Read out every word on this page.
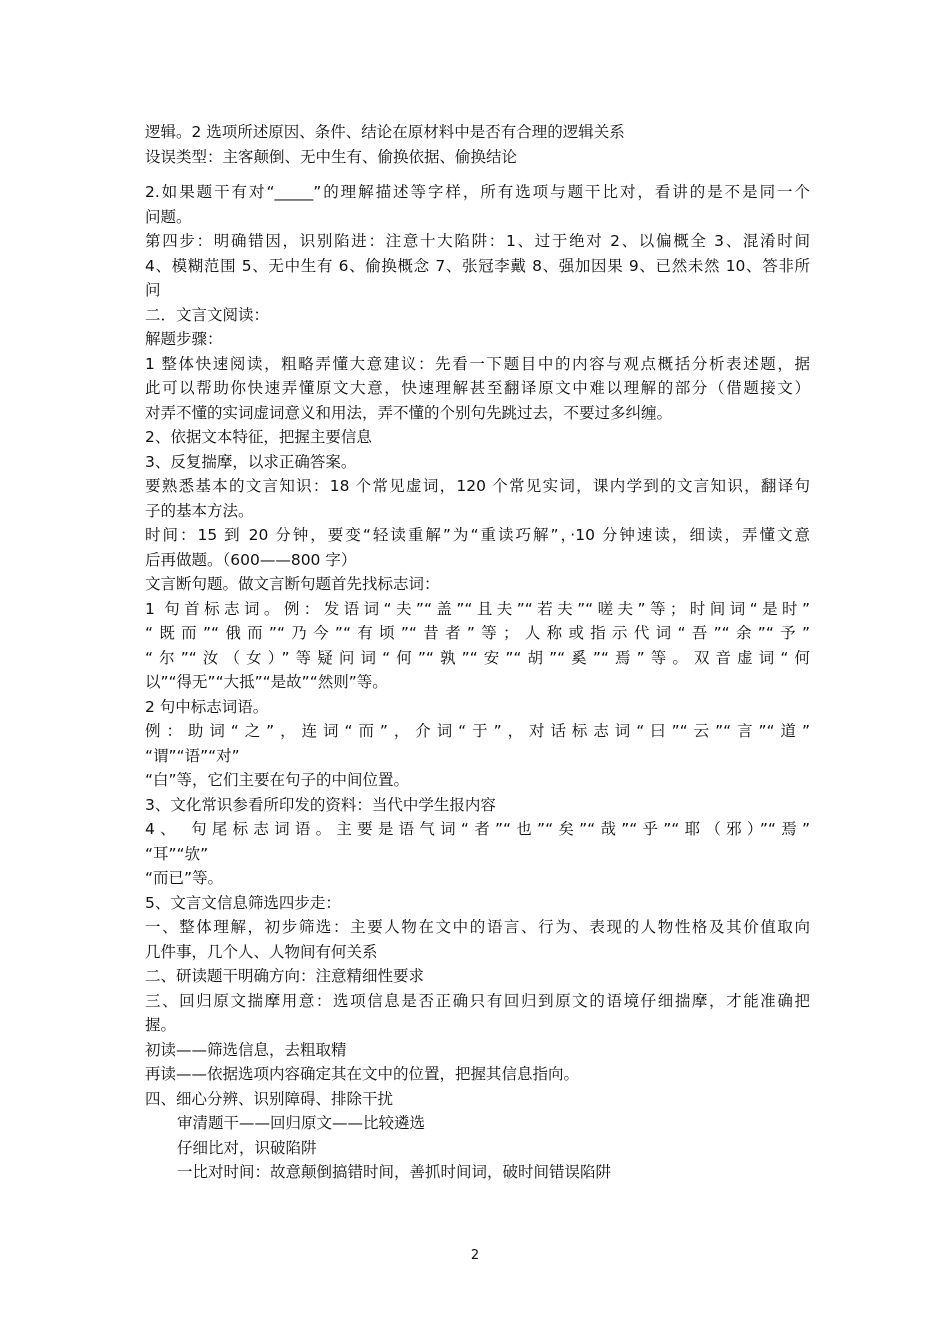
逻辑。2 选项所述原因、条件、结论在原材料中是否有合理的逻辑关系
设误类型：主客颠倒、无中生有、偷换依据、偷换结论
2.如果题干有对“_____”的理解描述等字样，所有选项与题干比对，看讲的是不是同一个
问题。
第四步：明确错因，识别陷进：注意十大陷阱：1、过于绝对 2、以偏概全 3、混淆时间
4、模糊范围 5、无中生有 6、偷换概念 7、张冠李戴 8、强加因果 9、已然未然 10、答非所
问
二．文言文阅读：
解题步骤：
1 整体快速阅读，粗略弄懂大意建议：先看一下题目中的内容与观点概括分析表述题，据
此可以帮助你快速弄懂原文大意，快速理解甚至翻译原文中难以理解的部分（借题接文）
对弄不懂的实词虚词意义和用法，弄不懂的个别句先跳过去，不要过多纠缠。
2、依据文本特征，把握主要信息
3、反复揣摩，以求正确答案。
要熟悉基本的文言知识：18 个常见虚词，120 个常见实词，课内学到的文言知识，翻译句
子的基本方法。
时间：15 到 20 分钟，要变“轻读重解”为“重读巧解”，·10 分钟速读，细读，弄懂文意
后再做题。（600——800 字）
文言断句题。做文言断句题首先找标志词：
1 句首标志词。例：发语词“夫”“盖”“且夫”“若夫”“嗟夫”等；时间词“是时”
“既而”“俄而”“乃今”“有顷”“昔者”等；人称或指示代词“吾”“余”“予”
“尔”“汝（女）”等疑问词“何”“孰”“安”“胡”“奚”“焉”等。双音虚词“何
以”“得无”“大抵”“是故”“然则”等。
2 句中标志词语。
例：助词“之”，连词“而”，介词“于”，对话标志词“曰”“云”“言”“道”
“谓”“语”“对”
“白”等，它们主要在句子的中间位置。
3、文化常识参看所印发的资料：当代中学生报内容
4、 句尾标志词语。主要是语气词“者”“也”“矣”“哉”“乎”“耶（邪）”“焉”
“耳”“欤”
“而已”等。
5、文言文信息筛选四步走：
一、整体理解，初步筛选：主要人物在文中的语言、行为、表现的人物性格及其价值取向
几件事，几个人、人物间有何关系
二、研读题干明确方向：注意精细性要求
三、回归原文揣摩用意：选项信息是否正确只有回归到原文的语境仔细揣摩，才能准确把
握。
初读——筛选信息，去粗取精
再读——依据选项内容确定其在文中的位置，把握其信息指向。
四、细心分辨、识别障碍、排除干扰
审清题干——回归原文——比较遴选
仔细比对，识破陷阱
一比对时间：故意颠倒搞错时间，善抓时间词，破时间错误陷阱
2
